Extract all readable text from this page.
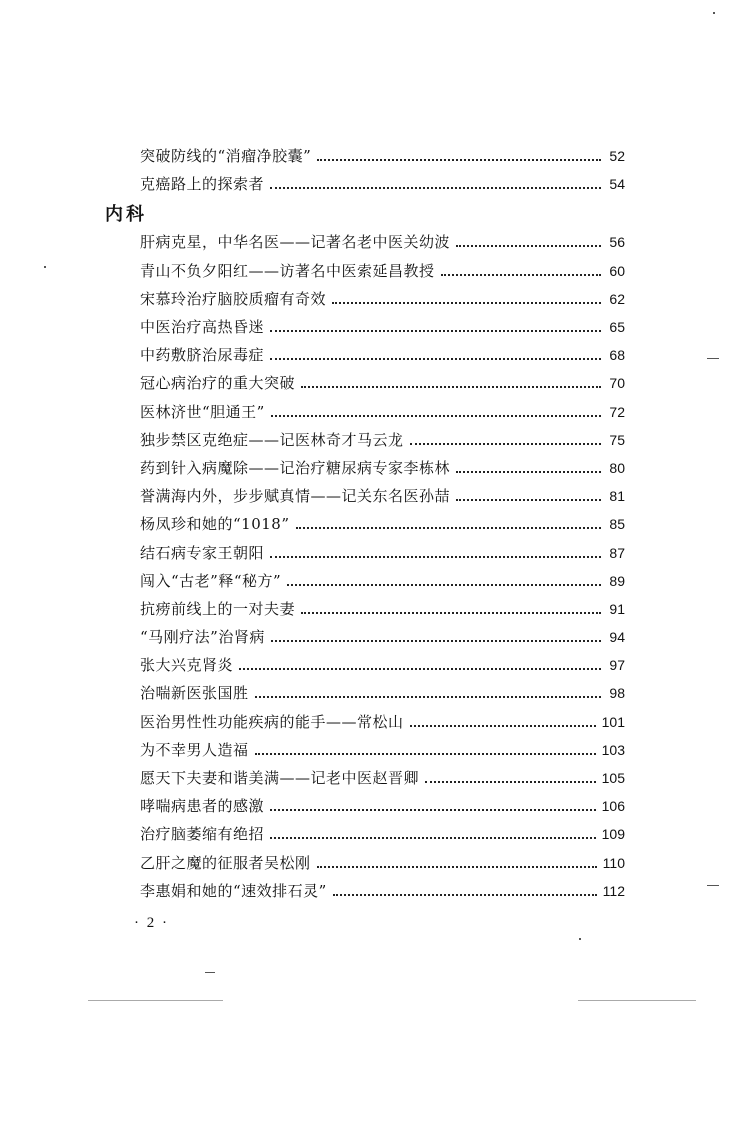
突破防线的“消瘤净胶囊”	52
克癌路上的探索者	54
内科
肝病克星，中华名医——记著名老中医关幼波	56
青山不负夕阳红——访著名中医索延昌教授	60
宋慕玲治疗脑胶质瘤有奇效	62
中医治疗高热昏迷	65
中药敷脐治尿毒症	68
冠心病治疗的重大突破	70
医林济世“胆通王”	72
独步禁区克绝症——记医林奇才马云龙	75
药到针入病魔除——记治疗糖尿病专家李栋林	80
誉满海内外，步步赋真情——记关东名医孙喆	81
杨凤珍和她的“1018”	85
结石病专家王朝阳	87
闯入“古老”释“秘方”	89
抗痨前线上的一对夫妻	91
“马刚疗法”治肾病	94
张大兴克肾炎	97
治喘新医张国胜	98
医治男性性功能疾病的能手——常松山	101
为不幸男人造福	103
愿天下夫妻和谐美满——记老中医赵晋卿	105
哮喘病患者的感激	106
治疗脑萎缩有绝招	109
乙肝之魔的征服者吴松刚	110
李惠娟和她的“速效排石灵”	112
· 2 ·
